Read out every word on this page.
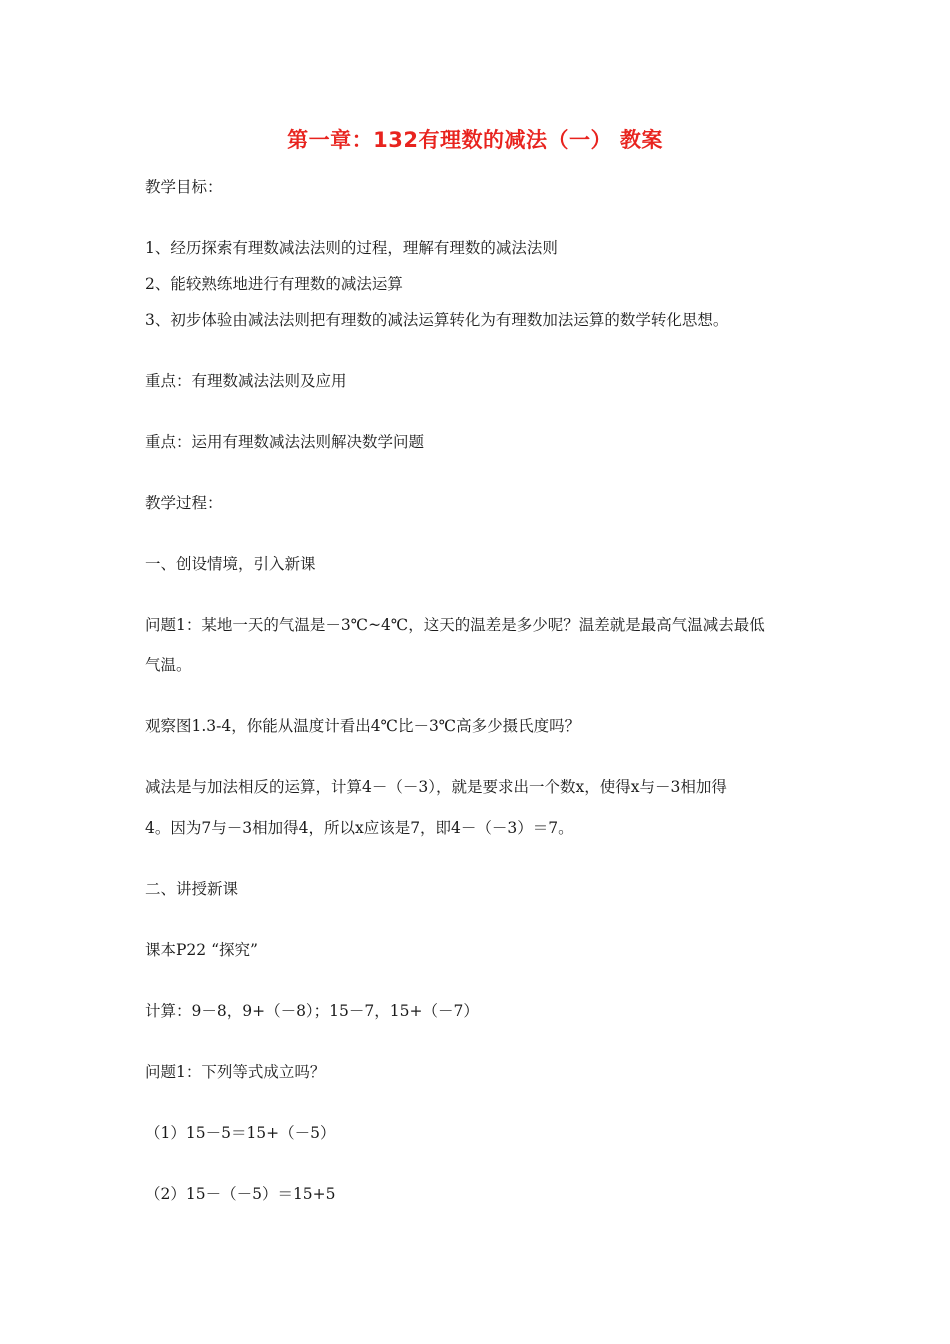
第一章：132有理数的减法（一） 教案
教学目标：
1、经历探索有理数减法法则的过程，理解有理数的减法法则
2、能较熟练地进行有理数的减法运算
3、初步体验由减法法则把有理数的减法运算转化为有理数加法运算的数学转化思想。
重点：有理数减法法则及应用
重点：运用有理数减法法则解决数学问题
教学过程：
一、创设情境，引入新课
问题1：某地一天的气温是－3℃~4℃，这天的温差是多少呢？温差就是最高气温减去最低
气温。
观察图1.3-4，你能从温度计看出4℃比－3℃高多少摄氏度吗？
减法是与加法相反的运算，计算4－（－3），就是要求出一个数x，使得x与－3相加得
4。因为7与－3相加得4，所以x应该是7，即4－（－3）＝7。
二、讲授新课
课本P22 “探究”
计算：9－8，9+（－8）；15－7，15+（－7）
问题1：下列等式成立吗？
（1）15－5＝15+（－5）
（2）15－（－5）＝15+5
